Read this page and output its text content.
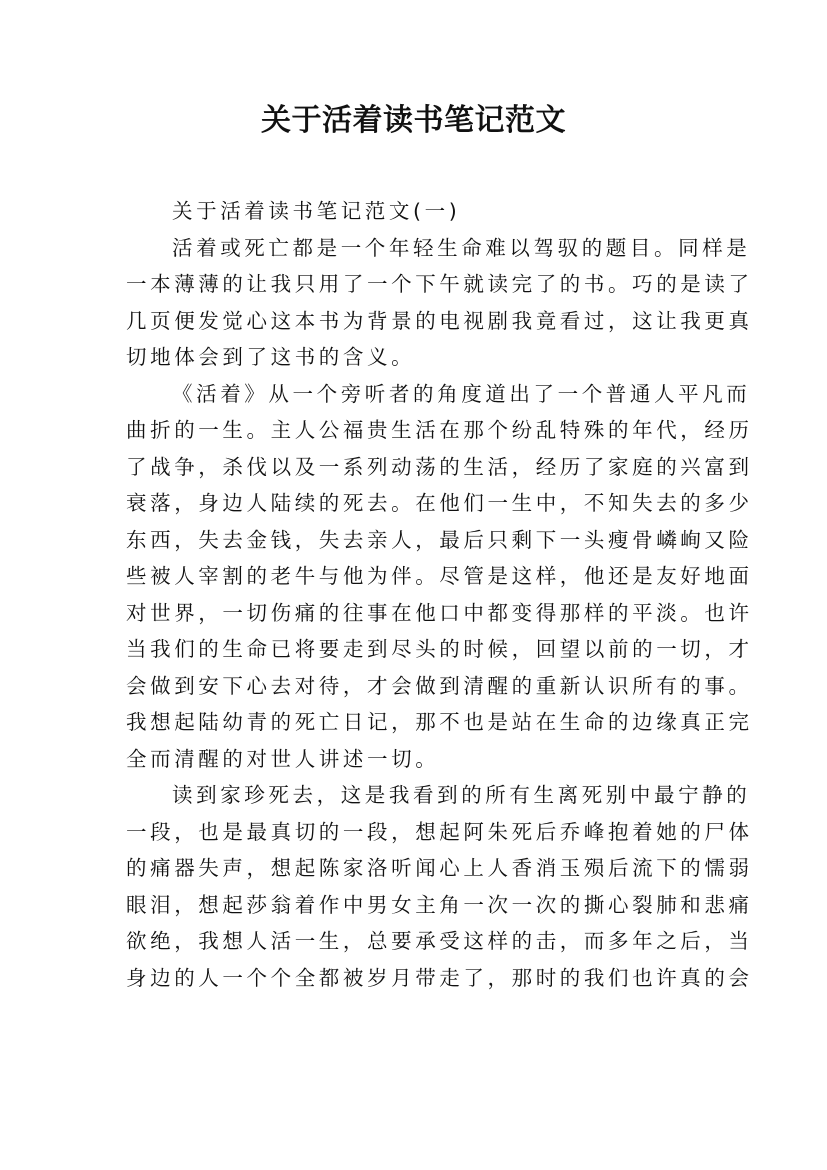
关于活着读书笔记范文
关于活着读书笔记范文(一)
活着或死亡都是一个年轻生命难以驾驭的题目。同样是
一本薄薄的让我只用了一个下午就读完了的书。巧的是读了
几页便发觉心这本书为背景的电视剧我竟看过，这让我更真
切地体会到了这书的含义。
《活着》从一个旁听者的角度道出了一个普通人平凡而
曲折的一生。主人公福贵生活在那个纷乱特殊的年代，经历
了战争，杀伐以及一系列动荡的生活，经历了家庭的兴富到
衰落，身边人陆续的死去。在他们一生中，不知失去的多少
东西，失去金钱，失去亲人，最后只剩下一头瘦骨嶙峋又险
些被人宰割的老牛与他为伴。尽管是这样，他还是友好地面
对世界，一切伤痛的往事在他口中都变得那样的平淡。也许
当我们的生命已将要走到尽头的时候，回望以前的一切，才
会做到安下心去对待，才会做到清醒的重新认识所有的事。
我想起陆幼青的死亡日记，那不也是站在生命的边缘真正完
全而清醒的对世人讲述一切。
读到家珍死去，这是我看到的所有生离死别中最宁静的
一段，也是最真切的一段，想起阿朱死后乔峰抱着她的尸体
的痛器失声，想起陈家洛听闻心上人香消玉殒后流下的懦弱
眼泪，想起莎翁着作中男女主角一次一次的撕心裂肺和悲痛
欲绝，我想人活一生，总要承受这样的击，而多年之后，当
身边的人一个个全都被岁月带走了，那时的我们也许真的会
